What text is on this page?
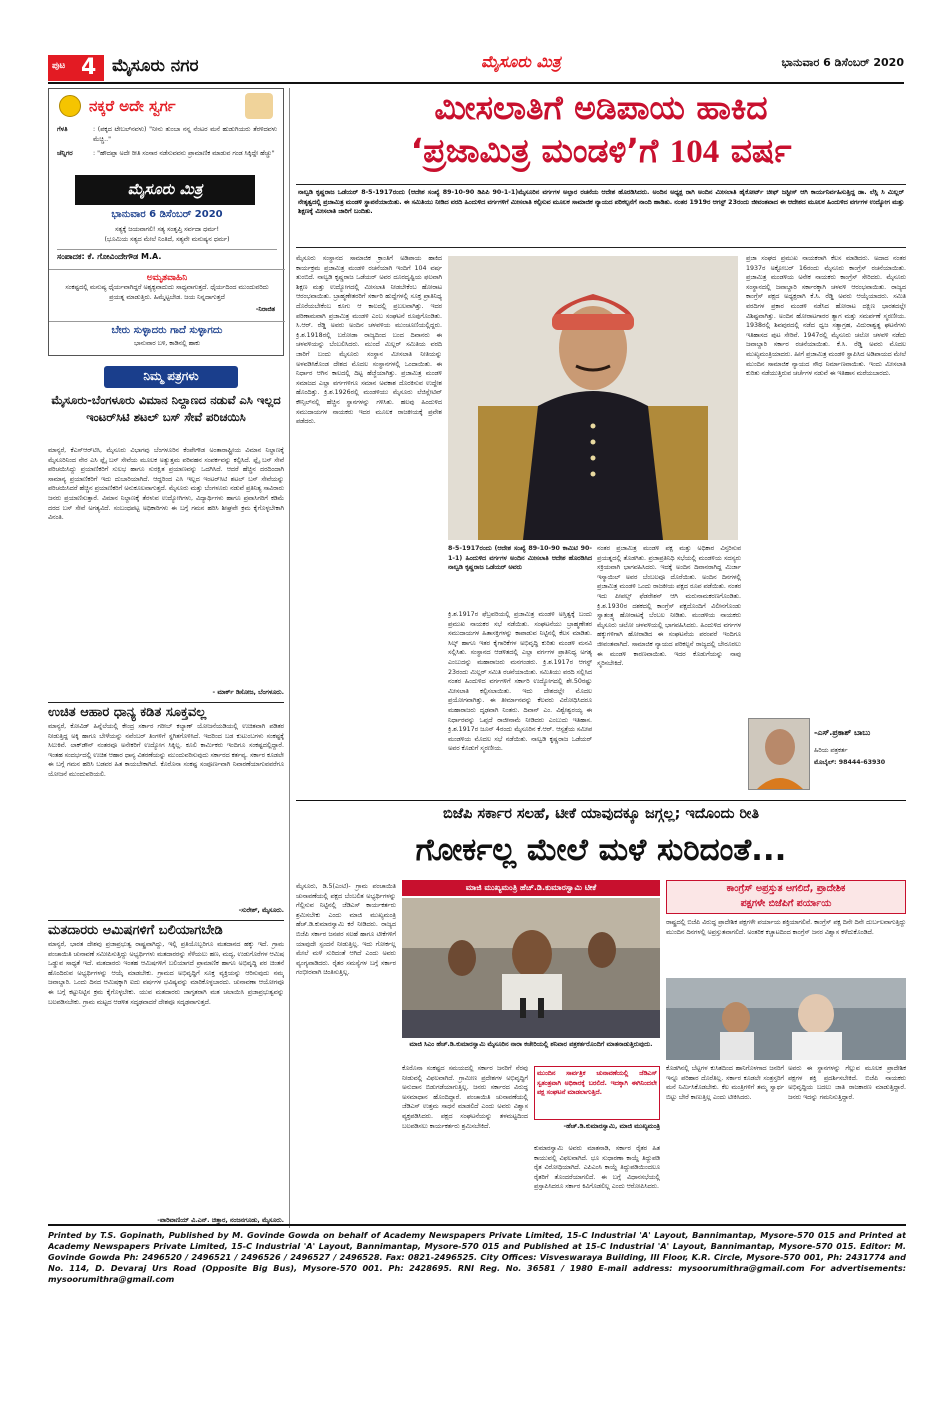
ಪುಟ 4 ಮೈಸೂರು ನಗರ	ಮೈಸೂರು ಮಿತ್ರ	ಭಾನುವಾರ 6 ಡಿಸೆಂಬರ್ 2020
ನಕ್ಕರೆ ಅದೇ ಸ್ವರ್ಗ
ಗೆಳತಿ	: (ಪಕ್ಕದ ಟೇಬಲ್‌ನವಳು) "ನೀನು ತುಂಬಾ ನನ್ನ ನೆಂಟರ ಮನೆ ಹುಡುಗಿಯರು ತೆರಳಿದವಳು ಮೆಚ್ಚಿ.."
ಚೆನ್ನಿಗರ	: "ಹೌದಪ್ಪಾ ಅದೇ ರೀತಿ ಸಂಸಾರ ನಡೆಸುವವನು ಪ್ರಾಮಾಣಿಕ ಮಾಡುವ ಗಂಡ ಸಿಕ್ಕಿದ್ದೇ ಹೆಚ್ಚು"
ಮೈಸೂರು ಮಿತ್ರ
ಭಾನುವಾರ 6 ಡಿಸೆಂಬರ್ 2020
ಸತ್ಯಕ್ಕೆ ಜಯವಾಗಲಿ! ಸತ್ಯ ಸಂತೃಪ್ತಿ ಸರ್ವದಾ ಧರ್ಮ!
(ಭೂಮಿಯ ಸತ್ಯದ ಮೇಲೆ ನಿಂತಿದೆ, ಸತ್ಯವೇ ಮನುಷ್ಯನ ಧರ್ಮ)
ಸಂಪಾದಕ: ಕೆ. ಗೋವಿಂದೇಗೌಡ M.A.
ಅಮೃತವಾಹಿನಿ
ಸಂಕಷ್ಟದಲ್ಲಿ ಮನುಷ್ಯ ಧೈರ್ಯವಾಗಿದ್ದರೆ ಅಶ್ಯಕ್ಯವಾದುದು ಸಾಧ್ಯವಾಗುತ್ತದೆ. ಧೈರ್ಯದಿಂದ ಮುಂದುವರಿದು ಪ್ರಯತ್ನ ಮಾಡುತ್ತಿರು. ಹಿಮ್ಮೆಟ್ಟಬೇಡ. ಜಯ ನಿನ್ನದಾಗುತ್ತದೆ
-ನಿರಾಜಿತ
ಬೇರು ಸುಳ್ಳಾದರು ಗಾದೆ ಸುಳ್ಳಾಗದು
ಭಾನುವಾರ ಬಳಿ, ಕಾಡಿನಲ್ಲಿ ಹಾಕು
ನಿಮ್ಮ ಪತ್ರಗಳು
ಮೈಸೂರು-ಬೆಂಗಳೂರು ವಿಮಾನ ನಿಲ್ದಾಣದ ನಡುವೆ ಎಸಿ ಇಲ್ಲದ ಇಂಟರ್‌ಸಿಟಿ ಶಟಲ್ ಬಸ್ ಸೇವೆ ಪರಿಚಯಿಸಿ
ಮಾನ್ಯರೆ, ಕೆಎಸ್‌ಆರ್‌ಟಿಸಿ, ಮೈಸೂರು ವಿಭಾಗವು ಬೆಂಗಳೂರಿನ ಕೆಂಪೇಗೌಡ ಅಂತಾರಾಷ್ಟ್ರೀಯ ವಿಮಾನ ನಿಲ್ದಾಣಕ್ಕೆ ಮೈಸೂರಿನಿಂದ ನೇರ ಎಸಿ ಫ್ಲೈ ಬಸ್ ಸೇವೆಯ ಮೂಲಕ ಅತ್ಯುತ್ತಮ ಪರಿವಹನ ಸಂಪರ್ಕವನ್ನು ಕಲ್ಪಿಸಿದೆ. ಫ್ಲೈ ಬಸ್ ಸೇವೆ ಪರಿಚಯಿಸಿದ್ದು ಪ್ರಯಾಣಿಕರಿಗೆ ಸುಲಭ ಹಾಗೂ ಸುರಕ್ಷಿತ ಪ್ರಯಾಣವನ್ನು ಒದಗಿಸಿದೆ. ಆದರೆ ಹೆಚ್ಚಿನ ದರದಿಂದಾಗಿ ಸಾಮಾನ್ಯ ಪ್ರಯಾಣಿಕರಿಗೆ ಇದು ದುಬಾರಿಯಾಗಿದೆ. ಆದ್ದರಿಂದ ಎಸಿ ಇಲ್ಲದ ಇಂಟರ್‌ಸಿಟಿ ಶಟಲ್ ಬಸ್ ಸೇವೆಯನ್ನು ಪರಿಚಯಿಸಿದರೆ ಹೆಚ್ಚಿನ ಪ್ರಯಾಣಿಕರಿಗೆ ಅನುಕೂಲವಾಗುತ್ತದೆ. ಮೈಸೂರು ಮತ್ತು ಬೆಂಗಳೂರು ನಡುವೆ ಪ್ರತಿನಿತ್ಯ ಸಾವಿರಾರು ಜನರು ಪ್ರಯಾಣಿಸುತ್ತಾರೆ. ವಿಮಾನ ನಿಲ್ದಾಣಕ್ಕೆ ತೆರಳುವ ಉದ್ಯೋಗಿಗಳು, ವಿದ್ಯಾರ್ಥಿಗಳು ಹಾಗೂ ಪ್ರವಾಸಿಗರಿಗೆ ಕಡಿಮೆ ದರದ ಬಸ್ ಸೇವೆ ಅಗತ್ಯವಿದೆ. ಸಂಬಂಧಪಟ್ಟ ಅಧಿಕಾರಿಗಳು ಈ ಬಗ್ಗೆ ಗಮನ ಹರಿಸಿ ಶೀಘ್ರವೇ ಕ್ರಮ ಕೈಗೊಳ್ಳಬೇಕಾಗಿ ವಿನಂತಿ.
- ಮಾರ್ಕ್ ಡಿಸೋಜ, ಬೆಂಗಳೂರು.
ಉಚಿತ ಆಹಾರ ಧಾನ್ಯ ಕಡಿತ ಸೂಕ್ತವಲ್ಲ
ಮಾನ್ಯರೆ, ಕೋವಿಡ್ ಹಿನ್ನೆಲೆಯಲ್ಲಿ ಕೇಂದ್ರ ಸರ್ಕಾರ ಗರೀಬ್ ಕಲ್ಯಾಣ್ ಯೋಜನೆಯಡಿಯಲ್ಲಿ ಉಚಿತವಾಗಿ ಪಡಿತರ ನೀಡುತ್ತಿದ್ದ ಅಕ್ಕಿ ಹಾಗೂ ಬೇಳೆಯನ್ನು ನವೆಂಬರ್ ತಿಂಗಳಿಗೆ ಸ್ಥಗಿತಗೊಳಿಸಿದೆ. ಇದರಿಂದ ಬಡ ಕುಟುಂಬಗಳು ಸಂಕಷ್ಟಕ್ಕೆ ಸಿಲುಕಿವೆ. ಲಾಕ್‌ಡೌನ್ ನಂತರವೂ ಅನೇಕರಿಗೆ ಉದ್ಯೋಗ ಸಿಕ್ಕಿಲ್ಲ. ಕೂಲಿ ಕಾರ್ಮಿಕರು ಇಂದಿಗೂ ಸಂಕಷ್ಟದಲ್ಲಿದ್ದಾರೆ. ಇಂತಹ ಸಂದರ್ಭದಲ್ಲಿ ಉಚಿತ ಆಹಾರ ಧಾನ್ಯ ವಿತರಣೆಯನ್ನು ಮುಂದುವರಿಸುವುದು ಸರ್ಕಾರದ ಕರ್ತವ್ಯ. ಸರ್ಕಾರ ಕೂಡಲೇ ಈ ಬಗ್ಗೆ ಗಮನ ಹರಿಸಿ ಬಡವರ ಹಿತ ಕಾಯಬೇಕಾಗಿದೆ. ಕೊರೊನಾ ಸಂಕಷ್ಟ ಸಂಪೂರ್ಣವಾಗಿ ನಿವಾರಣೆಯಾಗುವವರೆಗೂ ಯೋಜನೆ ಮುಂದುವರಿಯಲಿ.
-ಸುರೇಶ್, ಮೈಸೂರು.
ಮತದಾರರು ಆಮಿಷಗಳಿಗೆ ಬಲಿಯಾಗಬೇಡಿ
ಮಾನ್ಯರೆ, ಭಾರತ ದೇಶವು ಪ್ರಜಾಪ್ರಭುತ್ವ ರಾಷ್ಟ್ರವಾಗಿದ್ದು, ಇಲ್ಲಿ ಪ್ರತಿಯೊಬ್ಬರಿಗೂ ಮತದಾನದ ಹಕ್ಕು ಇದೆ. ಗ್ರಾಮ ಪಂಚಾಯಿತಿ ಚುನಾವಣೆ ಸಮೀಪಿಸುತ್ತಿದ್ದು ಅಭ್ಯರ್ಥಿಗಳು ಮತದಾರರನ್ನು ಸೆಳೆಯಲು ಹಣ, ಮದ್ಯ, ಉಡುಗೊರೆಗಳ ಆಮಿಷ ಒಡ್ಡುವ ಸಾಧ್ಯತೆ ಇದೆ. ಮತದಾರರು ಇಂತಹ ಆಮಿಷಗಳಿಗೆ ಬಲಿಯಾಗದೆ ಪ್ರಾಮಾಣಿಕ ಹಾಗೂ ಅಭಿವೃದ್ಧಿ ಪರ ಚಿಂತನೆ ಹೊಂದಿರುವ ಅಭ್ಯರ್ಥಿಗಳನ್ನು ಆಯ್ಕೆ ಮಾಡಬೇಕು. ಗ್ರಾಮದ ಅಭಿವೃದ್ಧಿಗೆ ಸೂಕ್ತ ವ್ಯಕ್ತಿಯನ್ನು ಆರಿಸುವುದು ನಮ್ಮ ಜವಾಬ್ದಾರಿ. ಒಂದು ದಿನದ ಆಮಿಷಕ್ಕಾಗಿ ಐದು ವರ್ಷಗಳ ಭವಿಷ್ಯವನ್ನು ಮಾರಿಕೊಳ್ಳಬಾರದು. ಚುನಾವಣಾ ಆಯೋಗವೂ ಈ ಬಗ್ಗೆ ಕಟ್ಟುನಿಟ್ಟಿನ ಕ್ರಮ ಕೈಗೊಳ್ಳಬೇಕು. ಯುವ ಮತದಾರರು ಜಾಗೃತರಾಗಿ ಮತ ಚಲಾಯಿಸಿ ಪ್ರಜಾಪ್ರಭುತ್ವವನ್ನು ಬಲಪಡಿಸಬೇಕು. ಗ್ರಾಮ ಮಟ್ಟದ ಆಡಳಿತ ಸದೃಢವಾದರೆ ದೇಶವೂ ಸದೃಢವಾಗುತ್ತದೆ.
-ಪಾರಿವಾಣಿಯ್ ವಿ.ಎನ್. ಚಿತ್ತಾರ, ನಂಜನಗೂಡು, ಮೈಸೂರು.
ಮೀಸಲಾತಿಗೆ ಅಡಿಪಾಯ ಹಾಕಿದ
‘ಪ್ರಜಾಮಿತ್ರ ಮಂಡಳಿ’ಗೆ 104 ವರ್ಷ
ನಾಲ್ವಡಿ ಕೃಷ್ಣರಾಜ ಒಡೆಯರ್ 8-5-1917ರಂದು (ಆದೇಶ ಸಂಖ್ಯೆ 89-10-90 ಡಿಪಿಪಿ 90-1-1)ಮೈಸೂರಿನ ವರ್ಗಗಳ ಅಲ್ಪಾರ ರಚನೆಯ ಆದೇಶ ಹೊರಡಿಸಿದರು. ಅಂದಿನ ಅಧ್ಯಕ್ಷ ರಾಗಿ ಅಂದಿನ ಮೀಸಲಾತಿ ಹೈಕೋರ್ಟ್ ಚೀಫ್ ಜಸ್ಟೀಸ್ ಆಗಿ ಕಾರ್ಯನಿರ್ವಹಿಸುತ್ತಿದ್ದ ಡಾ. ಲೆಸ್ಲಿ ಸಿ ಮಿಲ್ಲರ್ ನೇತೃತ್ವದಲ್ಲಿ ಪ್ರಜಾಮಿತ್ರ ಮಂಡಳಿ ಸ್ಥಾಪನೆಯಾಯಿತು. ಈ ಸಮಿತಿಯು ನೀಡಿದ ವರದಿ ಹಿಂದುಳಿದ ವರ್ಗಗಳಿಗೆ ಮೀಸಲಾತಿ ಕಲ್ಪಿಸುವ ಮೂಲಕ ಸಾಮಾಜಿಕ ನ್ಯಾಯದ ಪರಿಕಲ್ಪನೆಗೆ ನಾಂದಿ ಹಾಡಿತು. ನಂತರ 1919ರ ಆಗಸ್ಟ್ 23ರಂದು ಜೀವಂತವಾದ ಈ ಆದೇಶದ ಮೂಲಕ ಹಿಂದುಳಿದ ವರ್ಗಗಳ ಉದ್ಯೋಗ ಮತ್ತು ಶಿಕ್ಷಣಕ್ಕೆ ಮೀಸಲಾತಿ ಜಾರಿಗೆ ಬಂದಿತು.
ಮೈಸೂರು ಸಂಸ್ಥಾನದ ಸಾಮಾಜಿಕ ಕ್ರಾಂತಿಗೆ ಅಡಿಪಾಯ ಹಾಕಿದ ಕಾರ್ಯಕ್ರಮ ಪ್ರಜಾಮಿತ್ರ ಮಂಡಳಿ ರಚನೆಯಾಗಿ ಇಂದಿಗೆ 104 ವರ್ಷ ತುಂಬಿದೆ. ನಾಲ್ವಡಿ ಕೃಷ್ಣರಾಜ ಒಡೆಯರ್ ಅವರ ದೂರದೃಷ್ಟಿಯ ಫಲವಾಗಿ ಶಿಕ್ಷಣ ಮತ್ತು ಉದ್ಯೋಗದಲ್ಲಿ ಮೀಸಲಾತಿ ನೀಡಬೇಕೆಂಬ ಹೋರಾಟ ಆರಂಭವಾಯಿತು. ಬ್ರಾಹ್ಮಣೇತರರಿಗೆ ಸರ್ಕಾರಿ ಹುದ್ದೆಗಳಲ್ಲಿ ಸೂಕ್ತ ಪ್ರಾತಿನಿಧ್ಯ ದೊರೆಯಬೇಕೆಂಬ ಕೂಗು ಆ ಕಾಲದಲ್ಲಿ ಪ್ರಬಲವಾಗಿತ್ತು. ಇದರ ಪರಿಣಾಮವಾಗಿ ಪ್ರಜಾಮಿತ್ರ ಮಂಡಳಿ ಎಂಬ ಸಂಘಟನೆ ರೂಪುಗೊಂಡಿತು. ಸಿ.ಆರ್. ರೆಡ್ಡಿ ಅವರು ಅಂದಿನ ಚಳವಳಿಯ ಮುಂಚೂಣಿಯಲ್ಲಿದ್ದರು. ಕ್ರಿ.ಶ.1918ರಲ್ಲಿ ಬರೋಡಾ ರಾಜ್ಯದಿಂದ ಬಂದ ದಿವಾನರು ಈ ಚಳವಳಿಯನ್ನು ಬೆಂಬಲಿಸಿದರು. ಮುಂದೆ ಮಿಲ್ಲರ್ ಸಮಿತಿಯ ವರದಿ ಜಾರಿಗೆ ಬಂದು ಮೈಸೂರು ಸಂಸ್ಥಾನ ಮೀಸಲಾತಿ ನೀತಿಯನ್ನು ಅಳವಡಿಸಿಕೊಂಡ ದೇಶದ ಮೊದಲ ಸಂಸ್ಥಾನಗಳಲ್ಲಿ ಒಂದಾಯಿತು. ಈ ನಿರ್ಧಾರ ಆಗಿನ ಕಾಲದಲ್ಲಿ ದಿಟ್ಟ ಹೆಜ್ಜೆಯಾಗಿತ್ತು. ಪ್ರಜಾಮಿತ್ರ ಮಂಡಳಿ ಸಮಾಜದ ಎಲ್ಲಾ ವರ್ಗಗಳಿಗೂ ಸಮಾನ ಅವಕಾಶ ದೊರಕಿಸುವ ಉದ್ದೇಶ ಹೊಂದಿತ್ತು. ಕ್ರಿ.ಶ.1926ರಲ್ಲಿ ಮಂಡಳಿಯು ಮೈಸೂರು ಲೆಜಿಸ್ಲೇಟಿವ್ ಕೌನ್ಸಿಲ್‌ನಲ್ಲಿ ಹೆಚ್ಚಿನ ಸ್ಥಾನಗಳನ್ನು ಗಳಿಸಿತು. ಹಲವು ಹಿಂದುಳಿದ ಸಮುದಾಯಗಳ ನಾಯಕರು ಇದರ ಮೂಲಕ ರಾಜಕೀಯಕ್ಕೆ ಪ್ರವೇಶ ಪಡೆದರು.
8-5-1917ರಂದು (ಆದೇಶ ಸಂಖ್ಯೆ 89-10-90 ಕಾಮಿಟಿ 90-1-1) ಹಿಂದುಳಿದ ವರ್ಗಗಳ ಅಂದಿನ ಮೀಸಲಾತಿ ಆದೇಶ ಹೊರಡಿಸಿದ ನಾಲ್ವಡಿ ಕೃಷ್ಣರಾಜ ಒಡೆಯರ್ ಅವರು
ಕ್ರಿ.ಶ.1917ರ ಫೆಬ್ರವರಿಯಲ್ಲಿ ಪ್ರಜಾಮಿತ್ರ ಮಂಡಳಿ ಅಸ್ತಿತ್ವಕ್ಕೆ ಬಂದು ಪ್ರಮುಖ ನಾಯಕರ ಸಭೆ ನಡೆಯಿತು. ಸಂಘಟನೆಯು ಬ್ರಾಹ್ಮಣೇತರ ಸಮುದಾಯಗಳ ಹಿತಾಸಕ್ತಿಗಳನ್ನು ಕಾಪಾಡುವ ನಿಟ್ಟಿನಲ್ಲಿ ಕೆಲಸ ಮಾಡಿತು. ಸಿಲ್ಕ್ ಹಾಗೂ ಇತರ ಕೈಗಾರಿಕೆಗಳ ಅಭಿವೃದ್ಧಿ ಕುರಿತು ಮಂಡಳಿ ಮನವಿ ಸಲ್ಲಿಸಿತು. ಸಂಸ್ಥಾನದ ಆಡಳಿತದಲ್ಲಿ ಎಲ್ಲಾ ವರ್ಗಗಳ ಪ್ರಾತಿನಿಧ್ಯ ಅಗತ್ಯ ಎಂಬುದನ್ನು ಮಹಾರಾಜರು ಮನಗಂಡರು. ಕ್ರಿ.ಶ.1917ರ ಆಗಸ್ಟ್ 23ರಂದು ಮಿಲ್ಲರ್ ಸಮಿತಿ ರಚನೆಯಾಯಿತು. ಸಮಿತಿಯು ವರದಿ ಸಲ್ಲಿಸಿದ ನಂತರ ಹಿಂದುಳಿದ ವರ್ಗಗಳಿಗೆ ಸರ್ಕಾರಿ ಉದ್ಯೋಗದಲ್ಲಿ ಶೇ.50ರಷ್ಟು ಮೀಸಲಾತಿ ಕಲ್ಪಿಸಲಾಯಿತು. ಇದು ದೇಶದಲ್ಲೇ ಮೊದಲ ಪ್ರಯೋಗವಾಗಿತ್ತು. ಈ ತೀರ್ಮಾನವನ್ನು ಕೆಲವರು ವಿರೋಧಿಸಿದರೂ ಮಹಾರಾಜರು ದೃಢವಾಗಿ ನಿಂತರು. ದಿವಾನ್ ಎಂ. ವಿಶ್ವೇಶ್ವರಯ್ಯ ಈ ನಿರ್ಧಾರವನ್ನು ಒಪ್ಪದೆ ರಾಜೀನಾಮೆ ನೀಡಿದರು ಎಂಬುದು ಇತಿಹಾಸ. ಕ್ರಿ.ಶ.1917ರ ಜೂನ್ 4ರಂದು ಮೈಸೂರಿನ ಕೆ.ಆರ್. ಆಸ್ಪತ್ರೆಯ ಸಮೀಪ ಮಂಡಳಿಯ ಮೊದಲ ಸಭೆ ನಡೆಯಿತು. ನಾಲ್ವಡಿ ಕೃಷ್ಣರಾಜ ಒಡೆಯರ್ ಅವರ ಕೊಡುಗೆ ಸ್ಮರಣೀಯ.
ನಂತರ ಪ್ರಜಾಮಿತ್ರ ಮಂಡಳಿ ಪಕ್ಷ ಮತ್ತು ಅಧಿಕಾರ ವಿಸ್ತರಿಸುವ ಪ್ರಯತ್ನದಲ್ಲಿ ತೊಡಗಿತು. ಪ್ರಜಾಪ್ರತಿನಿಧಿ ಸಭೆಯಲ್ಲಿ ಮಂಡಳಿಯ ಸದಸ್ಯರು ಸಕ್ರಿಯವಾಗಿ ಭಾಗವಹಿಸಿದರು. ಇದಕ್ಕೆ ಅಂದಿನ ದಿವಾನರಾಗಿದ್ದ ಮಿರ್ಜಾ ಇಸ್ಮಾಯಿಲ್ ಅವರ ಬೆಂಬಲವೂ ದೊರೆಯಿತು. ಅಂದಿನ ದಿನಗಳಲ್ಲಿ ಪ್ರಜಾಮಿತ್ರ ಮಂಡಳಿ ಒಂದು ರಾಜಕೀಯ ಪಕ್ಷದ ರೂಪ ಪಡೆಯಿತು. ನಂತರ ಇದು ಪೀಪಲ್ಸ್ ಫೆಡರೇಶನ್ ಆಗಿ ಮರುನಾಮಕರಣಗೊಂಡಿತು. ಕ್ರಿ.ಶ.1930ರ ದಶಕದಲ್ಲಿ ಕಾಂಗ್ರೆಸ್ ಪಕ್ಷದೊಂದಿಗೆ ವಿಲೀನಗೊಂಡು ಸ್ವಾತಂತ್ರ್ಯ ಹೋರಾಟಕ್ಕೆ ಬೆಂಬಲ ನೀಡಿತು. ಮಂಡಳಿಯ ನಾಯಕರು ಮೈಸೂರು ಚಲೋ ಚಳವಳಿಯಲ್ಲಿ ಭಾಗವಹಿಸಿದರು. ಹಿಂದುಳಿದ ವರ್ಗಗಳ ಹಕ್ಕುಗಳಿಗಾಗಿ ಹೋರಾಡಿದ ಈ ಸಂಘಟನೆಯ ಪರಂಪರೆ ಇಂದಿಗೂ ಜೀವಂತವಾಗಿದೆ. ಸಾಮಾಜಿಕ ನ್ಯಾಯದ ಪರಿಕಲ್ಪನೆ ರಾಜ್ಯದಲ್ಲಿ ಬೇರೂರಲು ಈ ಮಂಡಳಿ ಕಾರಣವಾಯಿತು. ಇದರ ಕೊಡುಗೆಯನ್ನು ನಾವು ಸ್ಮರಿಸಬೇಕಿದೆ.
ಪ್ರಜಾ ಸಂಘದ ಪ್ರಮುಖ ನಾಯಕರಾಗಿ ಕೆಲಸ ಮಾಡಿದರು. ಅದಾದ ನಂತರ 1937ರ ಅಕ್ಟೋಬರ್ 16ರಂದು ಮೈಸೂರು ಕಾಂಗ್ರೆಸ್ ರಚನೆಯಾಯಿತು. ಪ್ರಜಾಮಿತ್ರ ಮಂಡಳಿಯ ಅನೇಕ ನಾಯಕರು ಕಾಂಗ್ರೆಸ್ ಸೇರಿದರು. ಮೈಸೂರು ಸಂಸ್ಥಾನದಲ್ಲಿ ಜವಾಬ್ದಾರಿ ಸರ್ಕಾರಕ್ಕಾಗಿ ಚಳವಳಿ ಆರಂಭವಾಯಿತು. ರಾಜ್ಯದ ಕಾಂಗ್ರೆಸ್ ಪಕ್ಷದ ಅಧ್ಯಕ್ಷರಾಗಿ ಕೆ.ಸಿ. ರೆಡ್ಡಿ ಅವರು ಆಯ್ಕೆಯಾದರು. ಸಮಿತಿ ವರದಿಗಳ ಪ್ರಕಾರ ಮಂಡಳಿ ನಡೆಸಿದ ಹೋರಾಟ ದಕ್ಷಿಣ ಭಾರತದಲ್ಲೇ ವಿಶಿಷ್ಟವಾಗಿತ್ತು. ಅಂದಿನ ಹೋರಾಟಗಾರರ ತ್ಯಾಗ ಮತ್ತು ಸಮರ್ಪಣೆ ಸ್ಮರಣೀಯ. 1938ರಲ್ಲಿ ಶಿವಪುರದಲ್ಲಿ ನಡೆದ ಧ್ವಜ ಸತ್ಯಾಗ್ರಹ, ವಿದುರಾಶ್ವತ್ಥ ಘಟನೆಗಳು ಇತಿಹಾಸದ ಪುಟ ಸೇರಿವೆ. 1947ರಲ್ಲಿ ಮೈಸೂರು ಚಲೋ ಚಳವಳಿ ನಡೆದು ಜವಾಬ್ದಾರಿ ಸರ್ಕಾರ ರಚನೆಯಾಯಿತು. ಕೆ.ಸಿ. ರೆಡ್ಡಿ ಅವರು ಮೊದಲ ಮುಖ್ಯಮಂತ್ರಿಯಾದರು. ಹೀಗೆ ಪ್ರಜಾಮಿತ್ರ ಮಂಡಳಿ ಸ್ಥಾಪಿಸಿದ ಅಡಿಪಾಯದ ಮೇಲೆ ಮುಂದಿನ ಸಾಮಾಜಿಕ ನ್ಯಾಯದ ಸೌಧ ನಿರ್ಮಾಣವಾಯಿತು. ಇಂದು ಮೀಸಲಾತಿ ಕುರಿತು ನಡೆಯುತ್ತಿರುವ ಚರ್ಚೆಗಳ ನಡುವೆ ಈ ಇತಿಹಾಸ ಮರೆಯಬಾರದು.
-ಎಸ್.ಪ್ರಕಾಶ್ ಬಾಬು
ಹಿರಿಯ ಪತ್ರಕರ್ತ
ಮೊಬೈಲ್: 98444-63930
ಬಿಜೆಪಿ ಸರ್ಕಾರ ಸಲಹೆ, ಟೀಕೆ ಯಾವುದಕ್ಕೂ ಜಗ್ಗಲ್ಲ; ಇದೊಂದು ರೀತಿ
ಗೋರ್ಕಲ್ಲ ಮೇಲೆ ಮಳೆ ಸುರಿದಂತೆ...
ಮೈಸೂರು, ಡಿ.5(ಎಂಟಿ)- ಗ್ರಾಮ ಪಂಚಾಯಿತಿ ಚುನಾವಣೆಯಲ್ಲಿ ಪಕ್ಷದ ಬೆಂಬಲಿತ ಅಭ್ಯರ್ಥಿಗಳನ್ನು ಗೆಲ್ಲಿಸುವ ನಿಟ್ಟಿನಲ್ಲಿ ಜೆಡಿಎಸ್ ಕಾರ್ಯಕರ್ತರು ಶ್ರಮಿಸಬೇಕು ಎಂದು ಮಾಜಿ ಮುಖ್ಯಮಂತ್ರಿ ಹೆಚ್.ಡಿ.ಕುಮಾರಸ್ವಾಮಿ ಕರೆ ನೀಡಿದರು. ರಾಜ್ಯದ ಬಿಜೆಪಿ ಸರ್ಕಾರ ಜನಪರ ಸಲಹೆ ಹಾಗೂ ಟೀಕೆಗಳಿಗೆ ಯಾವುದೇ ಸ್ಪಂದನೆ ನೀಡುತ್ತಿಲ್ಲ. ಇದು ಗೋರ್ಕಲ್ಲ ಮೇಲೆ ಮಳೆ ಸುರಿದಂತೆ ಆಗಿದೆ ಎಂದು ಅವರು ವ್ಯಂಗ್ಯವಾಡಿದರು. ರೈತರ ಸಮಸ್ಯೆಗಳ ಬಗ್ಗೆ ಸರ್ಕಾರ ಗಂಭೀರವಾಗಿ ಚಿಂತಿಸುತ್ತಿಲ್ಲ.
ಮಾಜಿ ಮುಖ್ಯಮಂತ್ರಿ ಹೆಚ್.ಡಿ.ಕುಮಾರಸ್ವಾಮಿ ಟೀಕೆ
ಮಾಜಿ ಸಿಎಂ ಹೆಚ್.ಡಿ.ಕುಮಾರಸ್ವಾಮಿ ಮೈಸೂರಿನ ನಾರಾ ಕಚೇರಿಯಲ್ಲಿ ಶನಿವಾರ ಪತ್ರಕರ್ತರೊಂದಿಗೆ ಮಾತನಾಡುತ್ತಿರುವುದು.
ಕೊರೊನಾ ಸಂಕಷ್ಟದ ಸಮಯದಲ್ಲಿ ಸರ್ಕಾರ ಜನರಿಗೆ ನೆರವು ನೀಡುವಲ್ಲಿ ವಿಫಲವಾಗಿದೆ. ಗ್ರಾಮೀಣ ಪ್ರದೇಶಗಳ ಅಭಿವೃದ್ಧಿಗೆ ಅನುದಾನ ಬಿಡುಗಡೆಯಾಗುತ್ತಿಲ್ಲ. ಜನರು ಸರ್ಕಾರದ ವಿರುದ್ಧ ಅಸಮಾಧಾನ ಹೊಂದಿದ್ದಾರೆ. ಪಂಚಾಯಿತಿ ಚುನಾವಣೆಯಲ್ಲಿ ಜೆಡಿಎಸ್ ಉತ್ತಮ ಸಾಧನೆ ಮಾಡಲಿದೆ ಎಂದು ಅವರು ವಿಶ್ವಾಸ ವ್ಯಕ್ತಪಡಿಸಿದರು. ಪಕ್ಷದ ಸಂಘಟನೆಯನ್ನು ತಳಮಟ್ಟದಿಂದ ಬಲಪಡಿಸಲು ಕಾರ್ಯಕರ್ತರು ಶ್ರಮಿಸಬೇಕಿದೆ.
ಮುಂದಿನ ಸಾರ್ವತ್ರಿಕ ಚುನಾವಣೆಯಲ್ಲಿ ಜೆಡಿಎಸ್ ಸ್ವತಂತ್ರವಾಗಿ ಅಧಿಕಾರಕ್ಕೆ ಬರಲಿದೆ. ಇದಕ್ಕಾಗಿ ಈಗಿನಿಂದಲೇ ಪಕ್ಷ ಸಂಘಟನೆ ಮಾಡಲಾಗುತ್ತಿದೆ.
-ಹೆಚ್.ಡಿ.ಕುಮಾರಸ್ವಾಮಿ, ಮಾಜಿ ಮುಖ್ಯಮಂತ್ರಿ
ಕುಮಾರಸ್ವಾಮಿ ಅವರು ಮಾತನಾಡಿ, ಸರ್ಕಾರ ರೈತರ ಹಿತ ಕಾಯುವಲ್ಲಿ ವಿಫಲವಾಗಿದೆ. ಭೂ ಸುಧಾರಣಾ ಕಾಯ್ದೆ ತಿದ್ದುಪಡಿ ರೈತ ವಿರೋಧಿಯಾಗಿದೆ. ಎಪಿಎಂಸಿ ಕಾಯ್ದೆ ತಿದ್ದುಪಡಿಯಿಂದಲೂ ರೈತರಿಗೆ ತೊಂದರೆಯಾಗಲಿದೆ. ಈ ಬಗ್ಗೆ ವಿಧಾನಸಭೆಯಲ್ಲಿ ಪ್ರಸ್ತಾಪಿಸಿದರೂ ಸರ್ಕಾರ ಕಿವಿಗೊಡಲಿಲ್ಲ ಎಂದು ಆರೋಪಿಸಿದರು.
ಕಾಂಗ್ರೆಸ್ ಅಪ್ರಸ್ತುತ ಆಗಲಿದೆ, ಪ್ರಾದೇಶಿಕ
ಪಕ್ಷಗಳೇ ಬಿಜೆಪಿಗೆ ಪರ್ಯಾಯ
ರಾಷ್ಟ್ರದಲ್ಲಿ ಬಿಜೆಪಿ ವಿರುದ್ಧ ಪ್ರಾದೇಶಿಕ ಪಕ್ಷಗಳೇ ಪರ್ಯಾಯ ಶಕ್ತಿಯಾಗಲಿವೆ. ಕಾಂಗ್ರೆಸ್ ಪಕ್ಷ ದಿನೇ ದಿನೇ ದುರ್ಬಲವಾಗುತ್ತಿದ್ದು ಮುಂದಿನ ದಿನಗಳಲ್ಲಿ ಅಪ್ರಸ್ತುತವಾಗಲಿದೆ. ಅಂತರಿಕ ಕಚ್ಚಾಟದಿಂದ ಕಾಂಗ್ರೆಸ್ ಜನರ ವಿಶ್ವಾಸ ಕಳೆದುಕೊಂಡಿದೆ.
ಕೊಡಗಿನಲ್ಲಿ ಬೆಟ್ಟಗಳ ಕುಸಿತದಿಂದ ಹಾನಿಗೊಳಗಾದ ಜನರಿಗೆ ಇನ್ನೂ ಪರಿಹಾರ ದೊರೆತಿಲ್ಲ. ಸರ್ಕಾರ ಕೂಡಲೇ ಸಂತ್ರಸ್ತರಿಗೆ ಮನೆ ನಿರ್ಮಿಸಿಕೊಡಬೇಕು. ಕೆಲ ಮಂತ್ರಿಗಳಿಗೆ ತಮ್ಮ ಸ್ವಾರ್ಥ ಬಿಟ್ಟು ಬೇರೆ ಕಾಣುತ್ತಿಲ್ಲ ಎಂದು ಟೀಕಿಸಿದರು.
ಅವರು ಈ ಸ್ಥಾನಗಳನ್ನು ಗೆಲ್ಲುವ ಮೂಲಕ ಪ್ರಾದೇಶಿಕ ಪಕ್ಷಗಳ ಶಕ್ತಿ ಪ್ರದರ್ಶಿಸಬೇಕಿದೆ. ಬಿಜೆಪಿ ನಾಯಕರು ಅಭಿವೃದ್ಧಿಯ ಬದಲು ಜಾತಿ ರಾಜಕಾರಣ ಮಾಡುತ್ತಿದ್ದಾರೆ. ಜನರು ಇದನ್ನು ಗಮನಿಸುತ್ತಿದ್ದಾರೆ.
Printed by T.S. Gopinath, Published by M. Govinde Gowda on behalf of Academy Newspapers Private Limited, 15-C Industrial 'A' Layout, Bannimantap, Mysore-570 015 and Printed at Academy Newspapers Private Limited, 15-C Industrial 'A' Layout, Bannimantap, Mysore-570 015 and Published at 15-C Industrial 'A' Layout, Bannimantap, Mysore-570 015. Editor: M. Govinde Gowda Ph: 2496520 / 2496521 / 2496526 / 2496527 / 2496528. Fax: 0821-2496525. City Offices: Visveswaraya Building, III Floor, K.R. Circle, Mysore-570 001, Ph: 2431774 and No. 114, D. Devaraj Urs Road (Opposite Big Bus), Mysore-570 001. Ph: 2428695. RNI Reg. No. 36581 / 1980 E-mail address: mysoorumithra@gmail.com For advertisements: mysoorumithra@gmail.com
